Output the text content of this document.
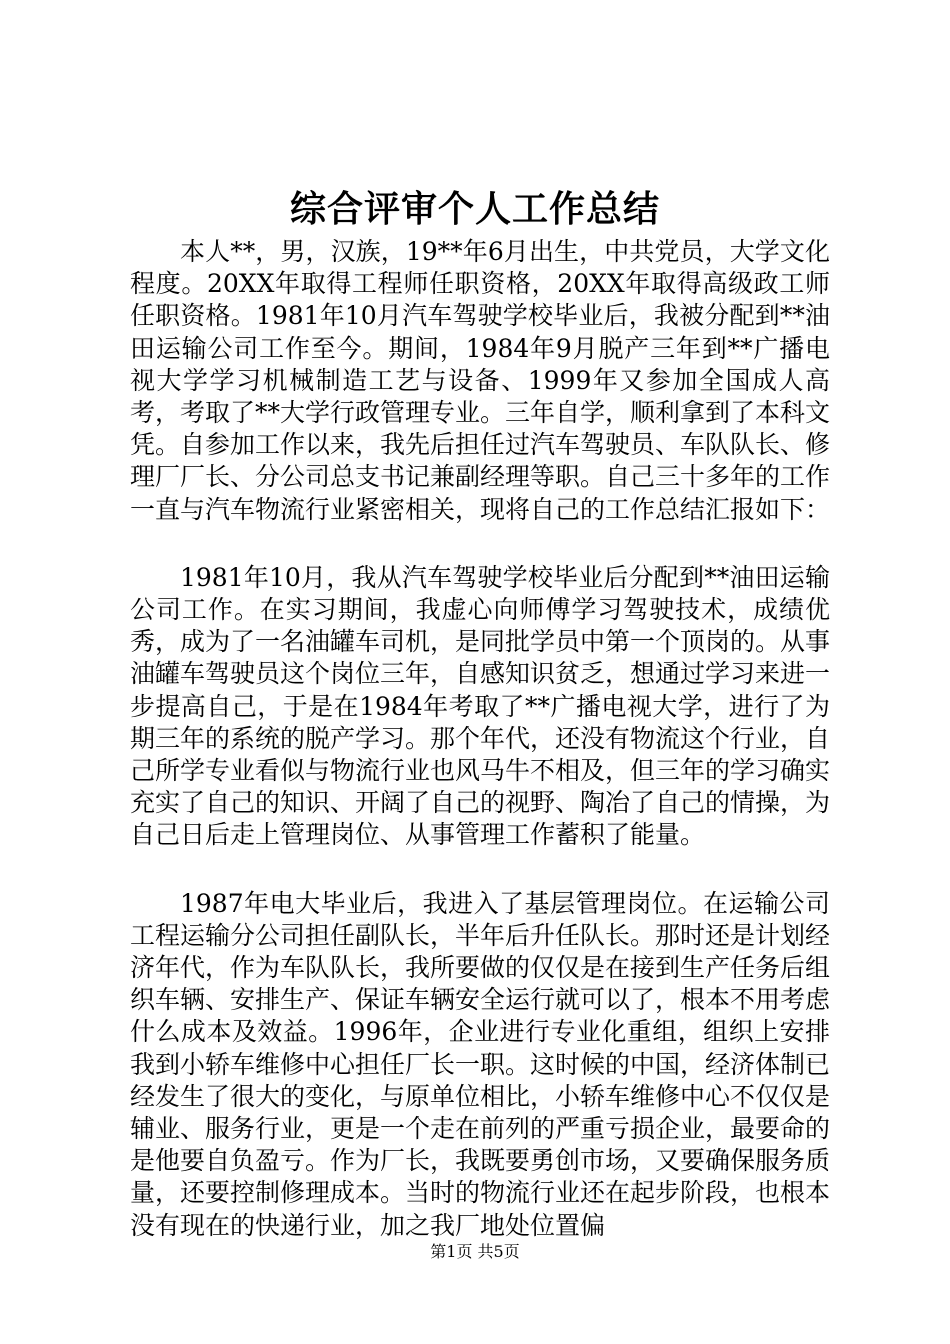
综合评审个人工作总结

本人**，男，汉族，19**年6月出生，中共党员，大学文化程度。20XX年取得工程师任职资格，20XX年取得高级政工师任职资格。1981年10月汽车驾驶学校毕业后，我被分配到**油田运输公司工作至今。期间，1984年9月脱产三年到**广播电视大学学习机械制造工艺与设备、1999年又参加全国成人高考，考取了**大学行政管理专业。三年自学，顺利拿到了本科文凭。自参加工作以来，我先后担任过汽车驾驶员、车队队长、修理厂厂长、分公司总支书记兼副经理等职。自己三十多年的工作一直与汽车物流行业紧密相关，现将自己的工作总结汇报如下：

1981年10月，我从汽车驾驶学校毕业后分配到**油田运输公司工作。在实习期间，我虚心向师傅学习驾驶技术，成绩优秀，成为了一名油罐车司机，是同批学员中第一个顶岗的。从事油罐车驾驶员这个岗位三年，自感知识贫乏，想通过学习来进一步提高自己，于是在1984年考取了**广播电视大学，进行了为期三年的系统的脱产学习。那个年代，还没有物流这个行业，自己所学专业看似与物流行业也风马牛不相及，但三年的学习确实充实了自己的知识、开阔了自己的视野、陶冶了自己的情操，为自己日后走上管理岗位、从事管理工作蓄积了能量。

1987年电大毕业后，我进入了基层管理岗位。在运输公司工程运输分公司担任副队长，半年后升任队长。那时还是计划经济年代，作为车队队长，我所要做的仅仅是在接到生产任务后组织车辆、安排生产、保证车辆安全运行就可以了，根本不用考虑什么成本及效益。1996年，企业进行专业化重组，组织上安排我到小轿车维修中心担任厂长一职。这时候的中国，经济体制已经发生了很大的变化，与原单位相比，小轿车维修中心不仅仅是辅业、服务行业，更是一个走在前列的严重亏损企业，最要命的是他要自负盈亏。作为厂长，我既要勇创市场，又要确保服务质量，还要控制修理成本。当时的物流行业还在起步阶段，也根本没有现在的快递行业，加之我厂地处位置偏

第1页 共5页
